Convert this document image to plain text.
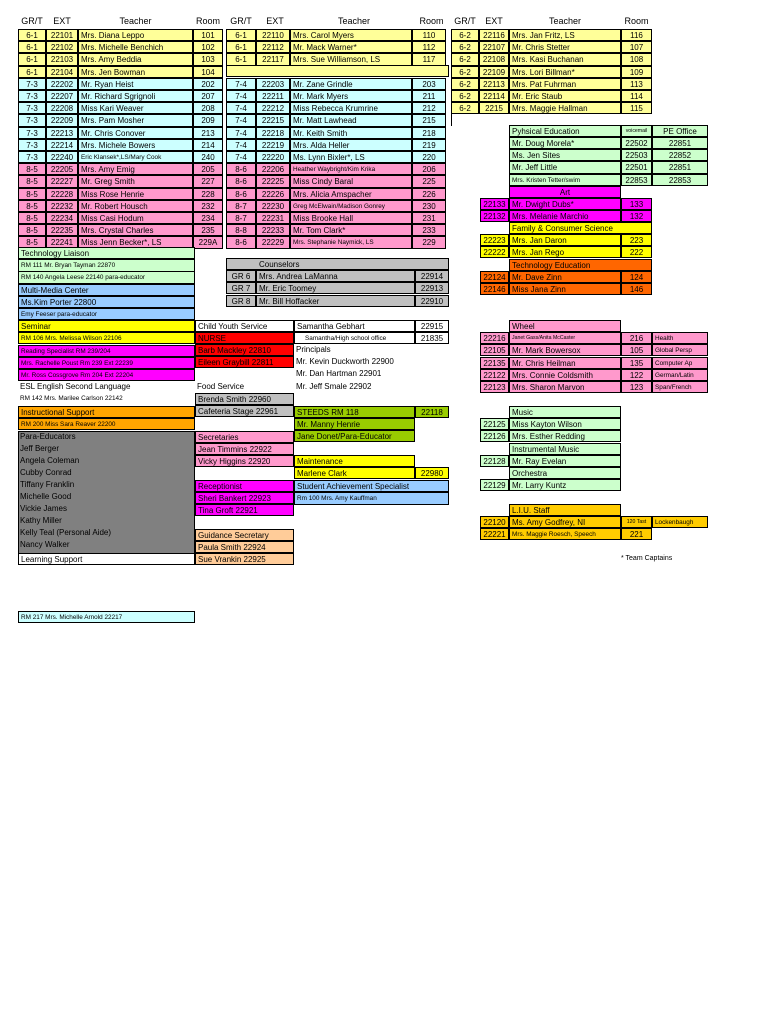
GR/T	EXT	Teacher	Room	GR/T	EXT	Teacher	Room	GR/T	EXT	Teacher	Room
6-1	22101 Mrs. Diana Leppo	101
6-1	22102 Mrs. Michelle Benchich	102
6-1	22103 Mrs. Amy Beddia	103
6-1	22104 Mrs. Jen Bowman	104
7-3	22202 Mr. Ryan Heist	202
7-3	22207 Mr. Richard Sgrignoli	207
7-3	22208 Miss Kari Weaver	208
7-3	22209 Mrs. Pam Mosher	209
7-3	22213 Mr. Chris Conover	213
7-3	22214 Mrs. Michele Bowers	214
7-3	22240	Eric Klansek*,LS/Mary Cook	240
8-5	22205 Mrs. Amy Emig	205
8-5	22227 Mr. Greg Smith	227
8-5	22228 Miss Rose Henrie	228
8-5	22232 Mr. Robert Housch	232
8-5	22234 Miss Casi Hodum	234
8-5	22235 Mrs. Crystal Charles	235
8-5	22241 Miss Jenn Becker*, LS	229A
6-1	22110	Mrs. Carol Myers	110
6-1	22112	Mr. Mack Warner*	112
6-1	22117	Mrs. Sue Williamson, LS	117
7-4	22203	Mr. Zane Grindle	203
7-4	22211	Mr. Mark Myers	211
7-4	22212	Miss Rebecca Krumrine	212
7-4	22215	Mr. Matt Lawhead	215
7-4	22218	Mr. Keith Smith	218
7-4	22219	Mrs. Alda Heller	219
7-4	22220	Ms. Lynn Bixler*, LS	220
8-6	22206	Heather Waybright/Kim Krika	206
8-6	22225	Miss Cindy Baral	225
8-6	22226	Mrs. Alicia Amspacher	226
8-7	22230	Greg McElwain/Madison Gonrey	230
8-7	22231	Miss Brooke Hall	231
8-8	22233	Mr. Tom Clark*	233
8-6	22229	Mrs. Stephanie Naymick, LS	229
6-2	22116 Mrs. Jan Fritz, LS	116
6-2	22107 Mr. Chris Stetter	107
6-2	22108 Mrs. Kasi Buchanan	108
6-2	22109 Mrs. Lori Billman*	109
6-2	22113 Mrs. Pat Fuhrman	113
6-2	22114 Mr. Eric Staub	114
6-2	2215	Mrs. Maggie Hallman	115
Technology Liaison
RM 111 Mr. Bryan Tayman 22870
RM 140 Angela Leese 22140 para-educator
Multi-Media Center
Ms.Kim Porter 22800
Emy Feeser para-educator
Seminar
RM 106 Mrs. Melissa Wilson 22106
Reading Specialist RM 239/204
Mrs. Rachelle Poust Rm 239 Ext 22239
Mr. Ross Cossgrove Rm 204 Ext 22204
ESL English Second Language
RM 142 Mrs. Marilee Carlson 22142
Instructional Support
RM 200 Miss Sara Reaver 22200
Para-Educators
Jeff Berger
Angela Coleman
Cubby Conrad
Tiffany Franklin
Michelle Good
Vickie James
Kathy Miller
Kelly Teal (Personal Aide)
Nancy Walker
Learning Support
RM 217 Mrs. Michelle Arnold 22217
Counselors
GR 6	Mrs. Andrea LaManna	22914
GR 7	Mr. Eric Toomey	22913
GR 8	Mr. Bill Hoffacker	22910
Child Youth Service	Samantha Gebhart	22915
NURSE	Samantha/High school office	21835
Barb Mackley 22810
Eileen Graybill 22811
Principals
Mr. Kevin Duckworth 22900
Mr. Dan Hartman 22901
Mr. Jeff Smale 22902
Food Service
Brenda Smith 22960
Cafeteria Stage 22961	STEEDS RM 118	22118
Mr. Manny Henrie
Jane Donet/Para-Educator
Secretaries
Jean Timmins 22922
Vicky Higgins 22920	Maintenance
Marlene Clark	22980
Receptionist
Sheri Bankert 22923
Tina Groft 22921
Student Achievement Specialist
Rm 100 Mrs. Amy Kauffman
Guidance Secretary
Paula Smith 22924
Sue Vrankin 22925
Pyhsical Education	voicemail	PE Office
Mr. Doug Morela*	22502	22851
Ms. Jen Sites	22503	22852
Mr. Jeff Little	22501	22851
Mrs. Kristen Tetter/swim	22853	22853
Art
22133 Mr. Dwight Dubs*	133
22132 Mrs. Melanie Marchio	132
Family & Consumer Science
22223 Mrs. Jan Daron	223
22222 Mrs. Jan Rego	222
Technology Education
22124 Mr. Dave Zinn	124
22146 Miss Jana Zinn	146
Wheel
22216	Janet Gass/Anita McCaster	216	Health
22105 Mr. Mark Bowersox	105	Global Persp
22135 Mr. Chris Heilman	135	Computer Ap
22122 Mrs. Connie Coldsmith	122	German/Latin
22123 Mrs. Sharon Marvon	123	Span/French
Music
22125 Miss Kayton Wilson
22126 Mrs. Esther Redding
Instrumental Music
22128 Mr. Ray Evelan
Orchestra
22129 Mr. Larry Kuntz
L.I.U. Staff
22120 Ms. Amy Godfrey, NI	120 Tast	Lockenbaugh
22221 Mrs. Maggie Roesch, Speech	221
* Team Captains
